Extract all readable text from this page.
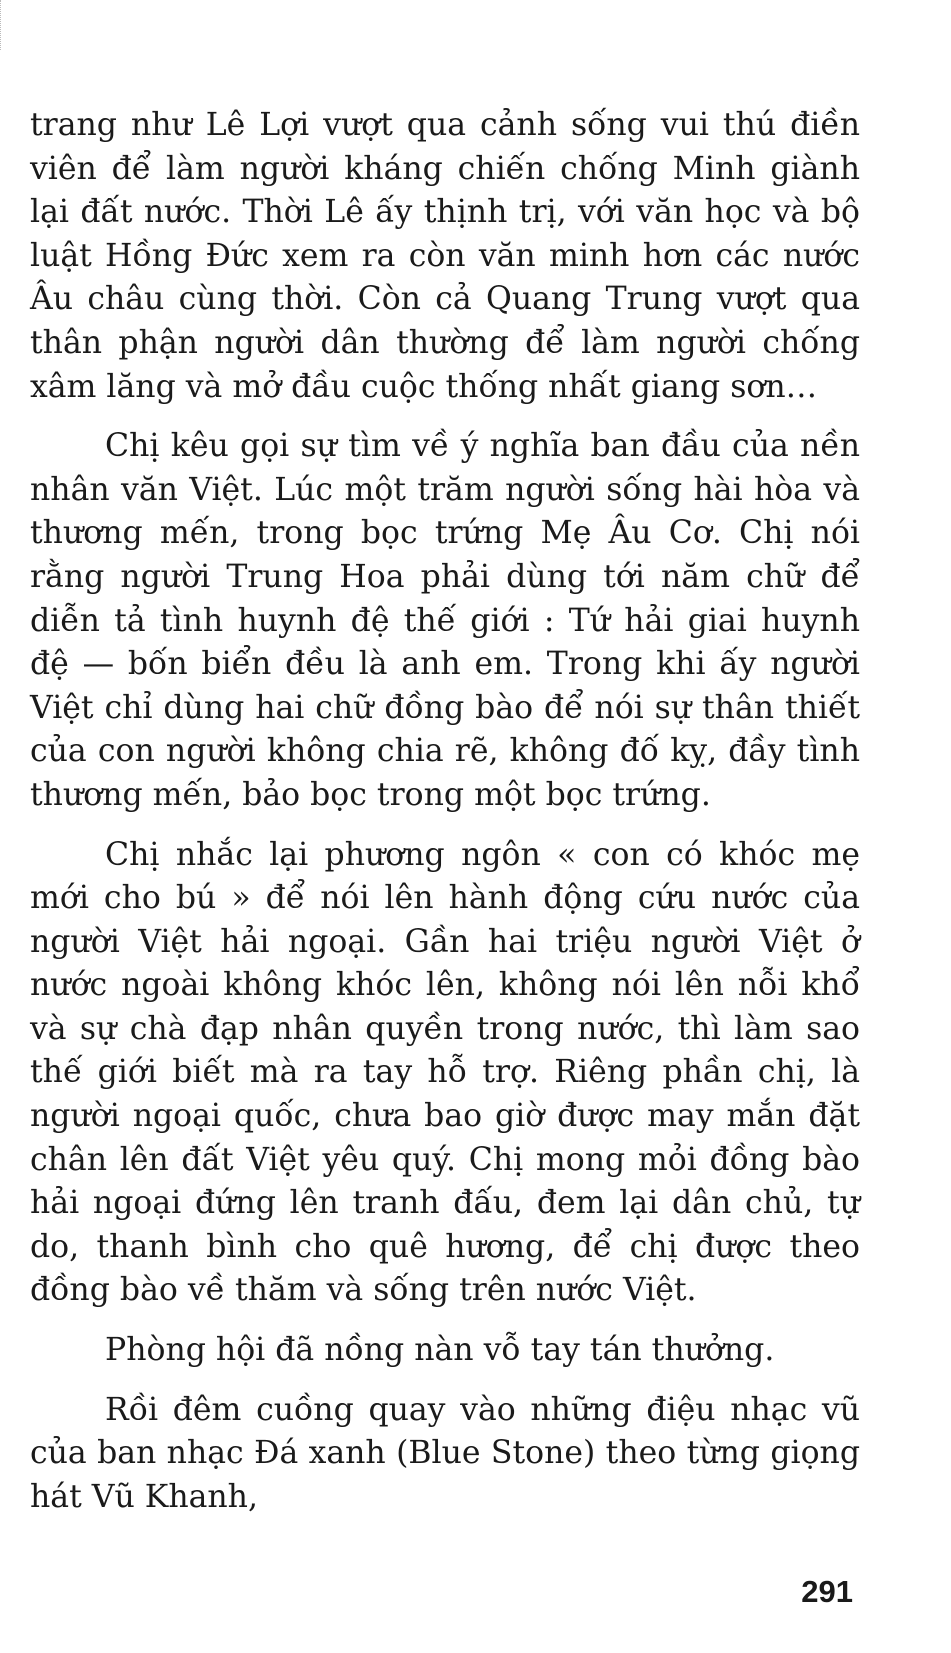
trang như Lê Lợi vượt qua cảnh sống vui thú điền viên để làm người kháng chiến chống Minh giành lại đất nước. Thời Lê ấy thịnh trị, với văn học và bộ luật Hồng Đức xem ra còn văn minh hơn các nước Âu châu cùng thời. Còn cả Quang Trung vượt qua thân phận người dân thường để làm người chống xâm lăng và mở đầu cuộc thống nhất giang sơn…

Chị kêu gọi sự tìm về ý nghĩa ban đầu của nền nhân văn Việt. Lúc một trăm người sống hài hòa và thương mến, trong bọc trứng Mẹ Âu Cơ. Chị nói rằng người Trung Hoa phải dùng tới năm chữ để diễn tả tình huynh đệ thế giới : Tứ hải giai huynh đệ — bốn biển đều là anh em. Trong khi ấy người Việt chỉ dùng hai chữ đồng bào để nói sự thân thiết của con người không chia rẽ, không đố kỵ, đầy tình thương mến, bảo bọc trong một bọc trứng.

Chị nhắc lại phương ngôn « con có khóc mẹ mới cho bú » để nói lên hành động cứu nước của người Việt hải ngoại. Gần hai triệu người Việt ở nước ngoài không khóc lên, không nói lên nỗi khổ và sự chà đạp nhân quyền trong nước, thì làm sao thế giới biết mà ra tay hỗ trợ. Riêng phần chị, là người ngoại quốc, chưa bao giờ được may mắn đặt chân lên đất Việt yêu quý. Chị mong mỏi đồng bào hải ngoại đứng lên tranh đấu, đem lại dân chủ, tự do, thanh bình cho quê hương, để chị được theo đồng bào về thăm và sống trên nước Việt.

Phòng hội đã nồng nàn vỗ tay tán thưởng.

Rồi đêm cuồng quay vào những điệu nhạc vũ của ban nhạc Đá xanh (Blue Stone) theo từng giọng hát Vũ Khanh,

291
